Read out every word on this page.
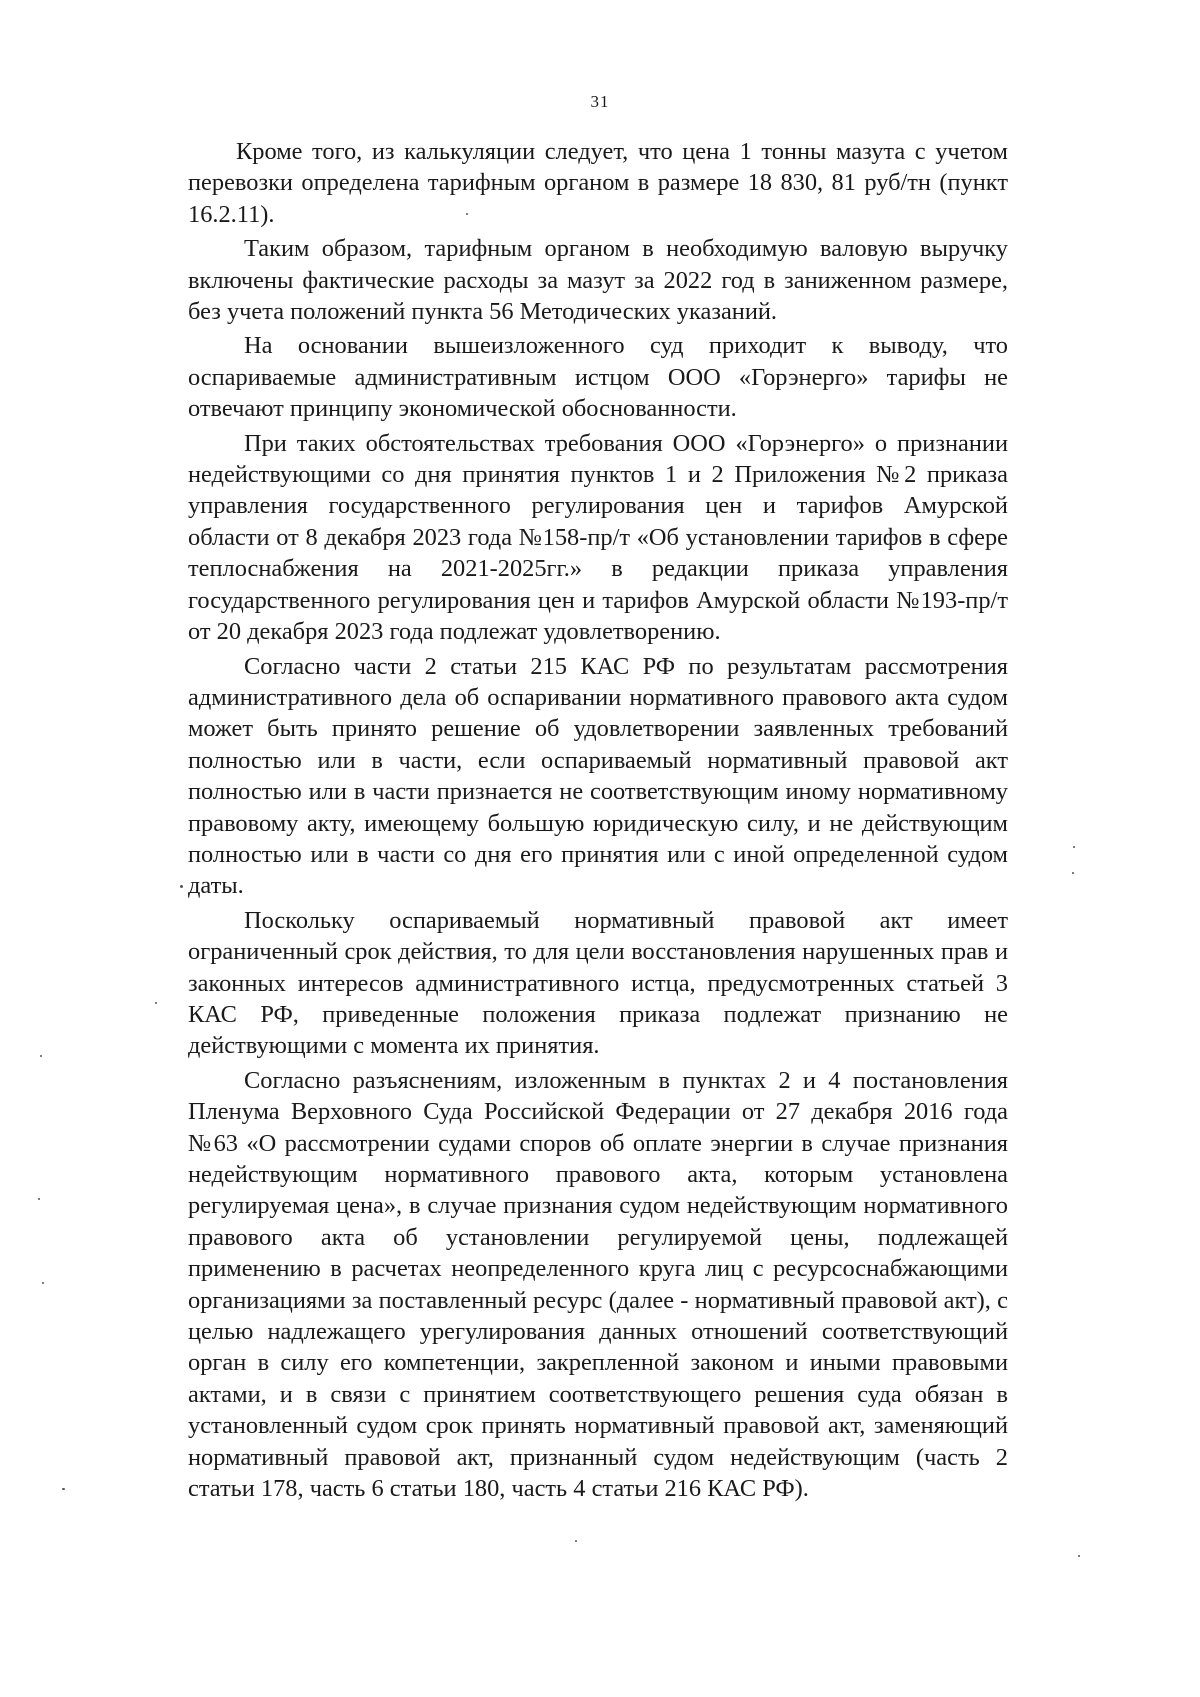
31

Кроме того, из калькуляции следует, что цена 1 тонны мазута с учетом перевозки определена тарифным органом в размере 18 830, 81 руб/тн (пункт 16.2.11).

Таким образом, тарифным органом в необходимую валовую выручку включены фактические расходы за мазут за 2022 год в заниженном размере, без учета положений пункта 56 Методических указаний.

На основании вышеизложенного суд приходит к выводу, что оспариваемые административным истцом ООО «Горэнерго» тарифы не отвечают принципу экономической обоснованности.

При таких обстоятельствах требования ООО «Горэнерго» о признании недействующими со дня принятия пунктов 1 и 2 Приложения №2 приказа управления государственного регулирования цен и тарифов Амурской области от 8 декабря 2023 года №158-пр/т «Об установлении тарифов в сфере теплоснабжения на 2021-2025гг.» в редакции приказа управления государственного регулирования цен и тарифов Амурской области №193-пр/т от 20 декабря 2023 года подлежат удовлетворению.

Согласно части 2 статьи 215 КАС РФ по результатам рассмотрения административного дела об оспаривании нормативного правового акта судом может быть принято решение об удовлетворении заявленных требований полностью или в части, если оспариваемый нормативный правовой акт полностью или в части признается не соответствующим иному нормативному правовому акту, имеющему большую юридическую силу, и не действующим полностью или в части со дня его принятия или с иной определенной судом даты.

Поскольку оспариваемый нормативный правовой акт имеет ограниченный срок действия, то для цели восстановления нарушенных прав и законных интересов административного истца, предусмотренных статьей 3 КАС РФ, приведенные положения приказа подлежат признанию не действующими с момента их принятия.

Согласно разъяснениям, изложенным в пунктах 2 и 4 постановления Пленума Верховного Суда Российской Федерации от 27 декабря 2016 года №63 «О рассмотрении судами споров об оплате энергии в случае признания недействующим нормативного правового акта, которым установлена регулируемая цена», в случае признания судом недействующим нормативного правового акта об установлении регулируемой цены, подлежащей применению в расчетах неопределенного круга лиц с ресурсоснабжающими организациями за поставленный ресурс (далее - нормативный правовой акт), с целью надлежащего урегулирования данных отношений соответствующий орган в силу его компетенции, закрепленной законом и иными правовыми актами, и в связи с принятием соответствующего решения суда обязан в установленный судом срок принять нормативный правовой акт, заменяющий нормативный правовой акт, признанный судом недействующим (часть 2 статьи 178, часть 6 статьи 180, часть 4 статьи 216 КАС РФ).
